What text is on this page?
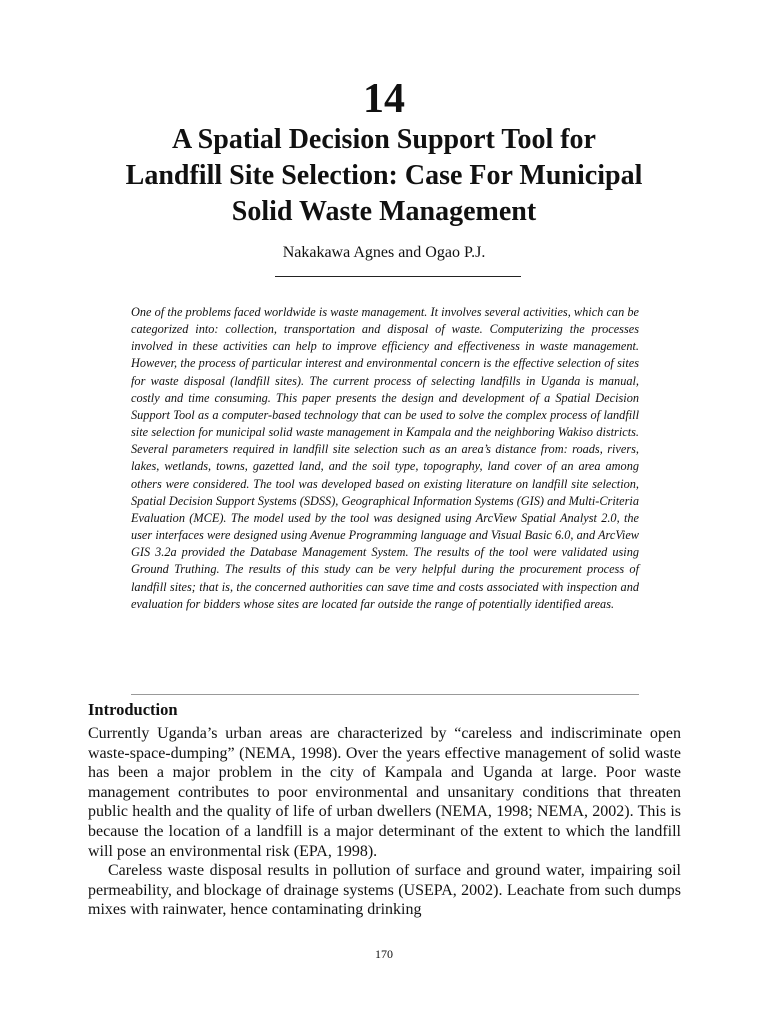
14
A Spatial Decision Support Tool for
Landfill Site Selection: Case For Municipal
Solid Waste Management
Nakakawa Agnes and Ogao P.J.

One of the problems faced worldwide is waste management. It involves several activities, which can be categorized into: collection, transportation and disposal of waste. Computerizing the processes involved in these activities can help to improve efficiency and effectiveness in waste management. However, the process of particular interest and environmental concern is the effective selection of sites for waste disposal (landfill sites). The current process of selecting landfills in Uganda is manual, costly and time consuming. This paper presents the design and development of a Spatial Decision Support Tool as a computer-based technology that can be used to solve the complex process of landfill site selection for municipal solid waste management in Kampala and the neighboring Wakiso districts. Several parameters required in landfill site selection such as an area’s distance from: roads, rivers, lakes, wetlands, towns, gazetted land, and the soil type, topography, land cover of an area among others were considered. The tool was developed based on existing literature on landfill site selection, Spatial Decision Support Systems (SDSS), Geographical Information Systems (GIS) and Multi-Criteria Evaluation (MCE). The model used by the tool was designed using ArcView Spatial Analyst 2.0, the user interfaces were designed using Avenue Programming language and Visual Basic 6.0, and ArcView GIS 3.2a provided the Database Management System. The results of the tool were validated using Ground Truthing. The results of this study can be very helpful during the procurement process of landfill sites; that is, the concerned authorities can save time and costs associated with inspection and evaluation for bidders whose sites are located far outside the range of potentially identified areas.

Introduction

Currently Uganda’s urban areas are characterized by “careless and indiscriminate open waste-space-dumping” (NEMA, 1998). Over the years effective management of solid waste has been a major problem in the city of Kampala and Uganda at large. Poor waste management contributes to poor environmental and unsanitary conditions that threaten public health and the quality of life of urban dwellers (NEMA, 1998; NEMA, 2002). This is because the location of a landfill is a major determinant of the extent to which the landfill will pose an environmental risk (EPA, 1998).

Careless waste disposal results in pollution of surface and ground water, impairing soil permeability, and blockage of drainage systems (USEPA, 2002). Leachate from such dumps mixes with rainwater, hence contaminating drinking

170
